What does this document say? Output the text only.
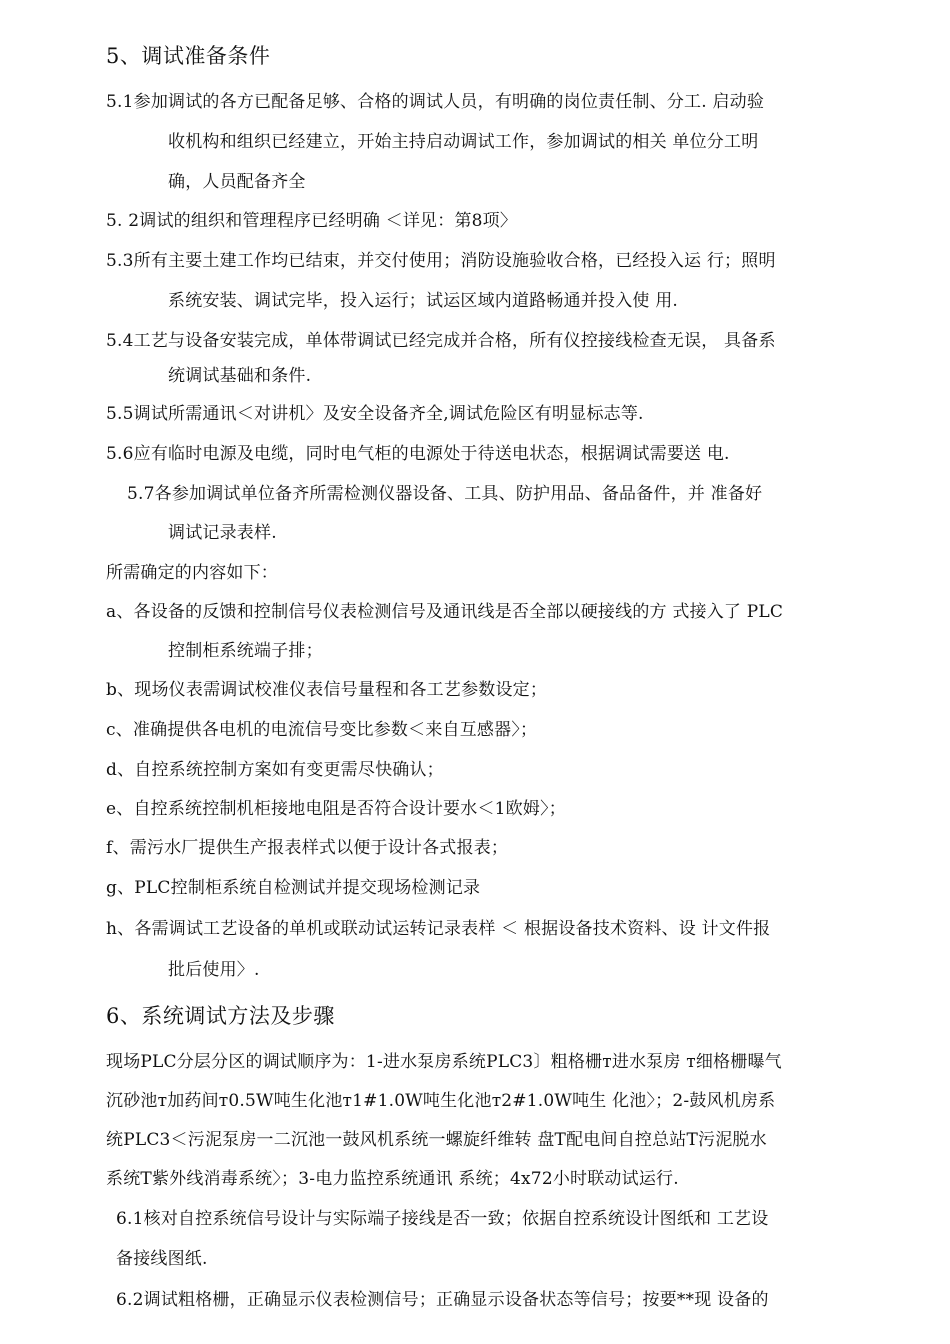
5、调试准备条件
5.1参加调试的各方已配备足够、合格的调试人员，有明确的岗位责任制、分工. 启动验
收机构和组织已经建立，开始主持启动调试工作，参加调试的相关 单位分工明
确，人员配备齐全
5. 2调试的组织和管理程序已经明确 ＜详见：第8项〉
5.3所有主要土建工作均已结束，并交付使用；消防设施验收合格，已经投入运 行；照明
系统安装、调试完毕，投入运行；试运区域内道路畅通并投入使 用.
5.4工艺与设备安装完成，单体带调试已经完成并合格，所有仪控接线检查无误， 具备系
统调试基础和条件.
5.5调试所需通讯＜对讲机〉及安全设备齐全,调试危险区有明显标志等.
5.6应有临时电源及电缆，同时电气柜的电源处于待送电状态，根据调试需要送 电.
5.7各参加调试单位备齐所需检测仪器设备、工具、防护用品、备品备件，并 准备好
调试记录表样.
所需确定的内容如下：
a、各设备的反馈和控制信号仪表检测信号及通讯线是否全部以硬接线的方 式接入了 PLC
控制柜系统端子排；
b、现场仪表需调试校准仪表信号量程和各工艺参数设定；
c、准确提供各电机的电流信号变比参数＜来自互感器〉；
d、自控系统控制方案如有变更需尽快确认；
e、自控系统控制机柜接地电阻是否符合设计要水＜1欧姆〉；
f、需污水厂提供生产报表样式以便于设计各式报表；
g、PLC控制柜系统自检测试并提交现场检测记录
h、各需调试工艺设备的单机或联动试运转记录表样 ＜ 根据设备技术资料、设 计文件报
批后使用〉.
6、系统调试方法及步骤
现场PLC分层分区的调试顺序为：1-进水泵房系统PLC3〕粗格栅т进水泵房 т细格栅曝气
沉砂池т加药间т0.5W吨生化池т1#1.0W吨生化池т2#1.0W吨生 化池〉；2-鼓风机房系
统PLC3＜污泥泵房一二沉池一鼓风机系统一螺旋纤维转 盘T配电间自控总站T污泥脱水
系统T紫外线消毒系统〉；3-电力监控系统通讯 系统；4x72小时联动试运行.
6.1核对自控系统信号设计与实际端子接线是否一致；依据自控系统设计图纸和 工艺设
备接线图纸.
6.2调试粗格栅，正确显示仪表检测信号；正确显示设备状态等信号；按要**现 设备的
